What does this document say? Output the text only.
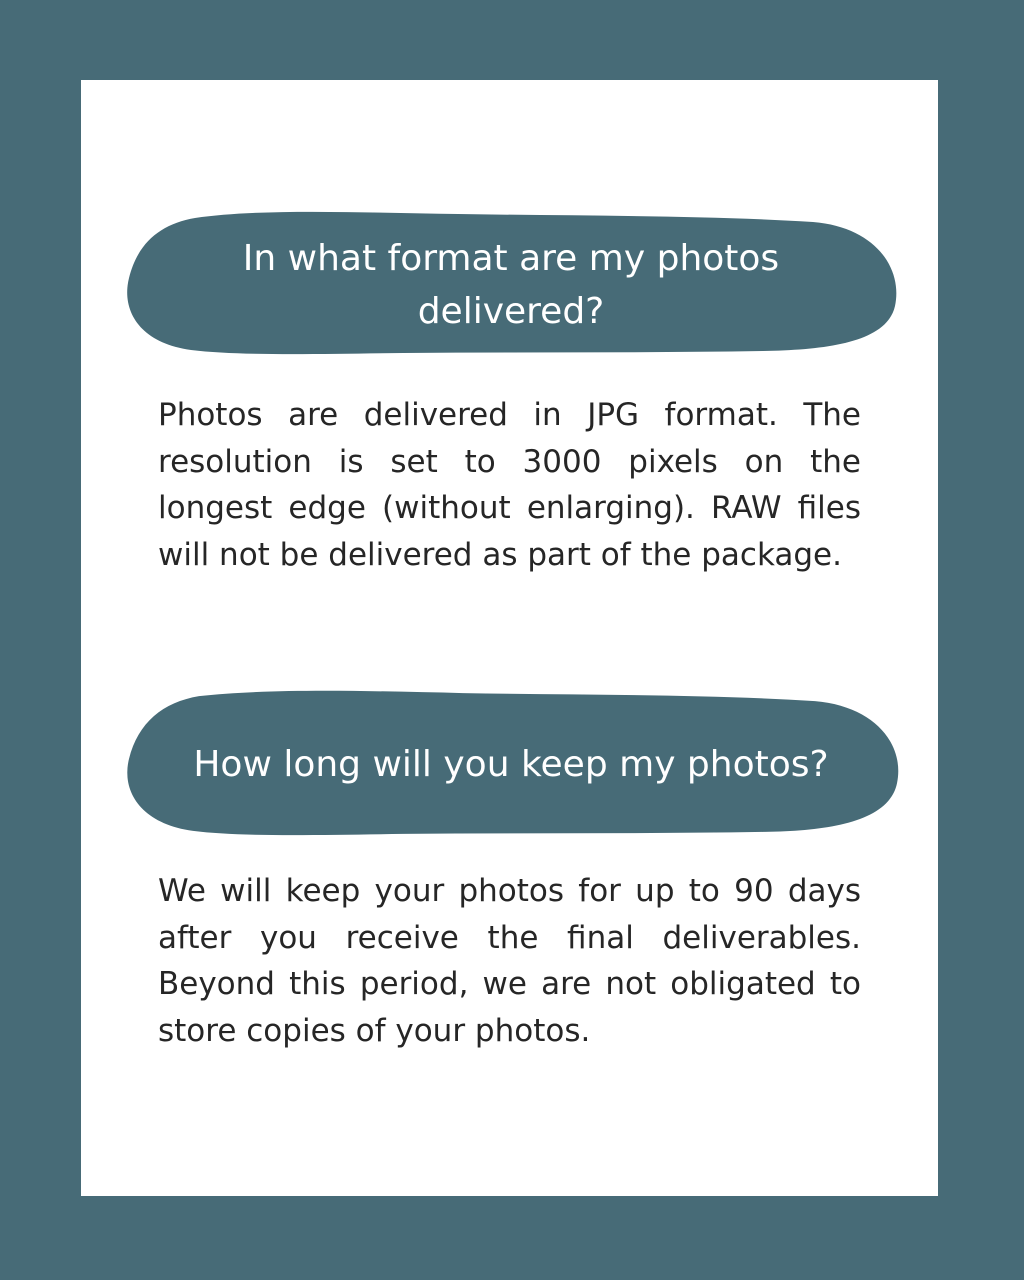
In what format are my photos delivered?

Photos are delivered in JPG format. The resolution is set to 3000 pixels on the longest edge (without enlarging). RAW files will not be delivered as part of the package.

How long will you keep my photos?

We will keep your photos for up to 90 days after you receive the final deliverables. Beyond this period, we are not obligated to store copies of your photos.
